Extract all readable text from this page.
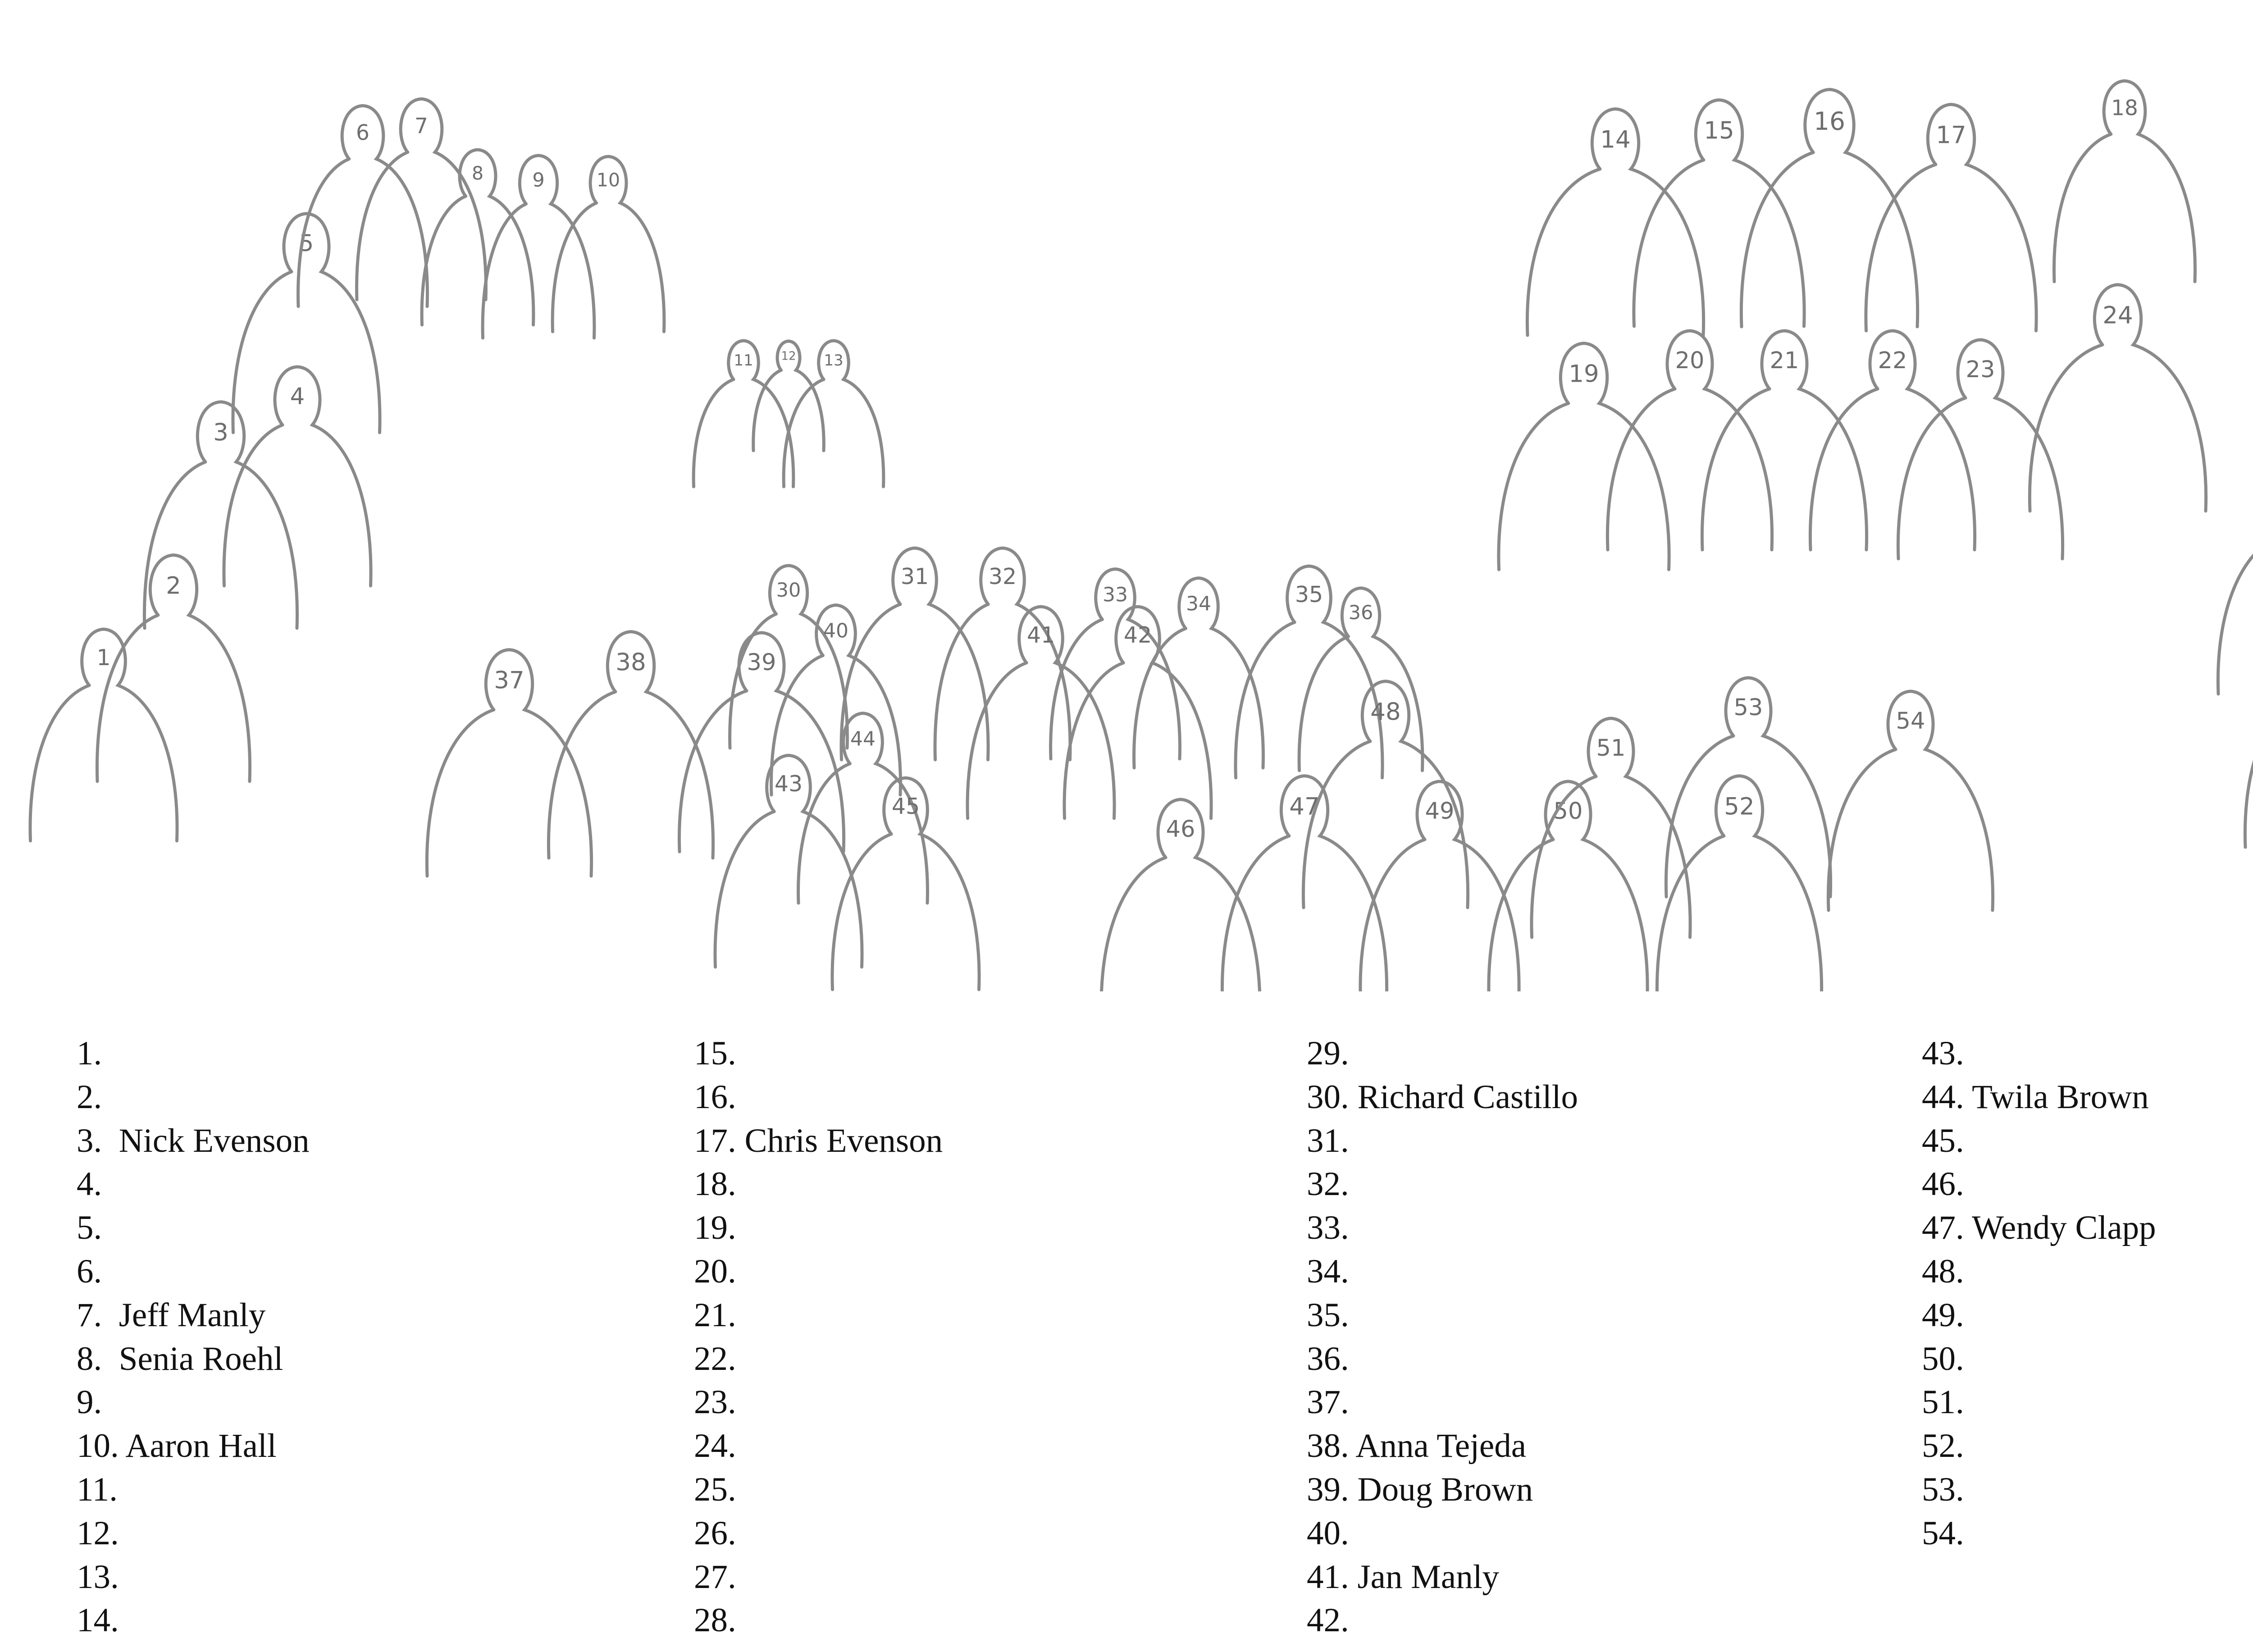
1
2
3
4
5
6 7
8	9	10
11 12 13
14	15	16	17
18
19	20	21	22	23
24
30
31	32
33	34	35
36
37
38	39
40	41	42
43
44
45
46
47
48
49	50
51
52
53
54
1.
2.
3.  Nick Evenson
4.
5.
6.
7.  Jeff Manly
8.  Senia Roehl
9.
10. Aaron Hall
11.
12.
13.
14.
15.
16.
17. Chris Evenson
18.
19.
20.
21.
22.
23.
24.
25.
26.
27.
28.
29.
30. Richard Castillo
31.
32.
33.
34.
35.
36.
37.
38. Anna Tejeda
39. Doug Brown
40.
41. Jan Manly
42.
43.
44. Twila Brown
45.
46.
47. Wendy Clapp
48.
49.
50.
51.
52.
53.
54.
